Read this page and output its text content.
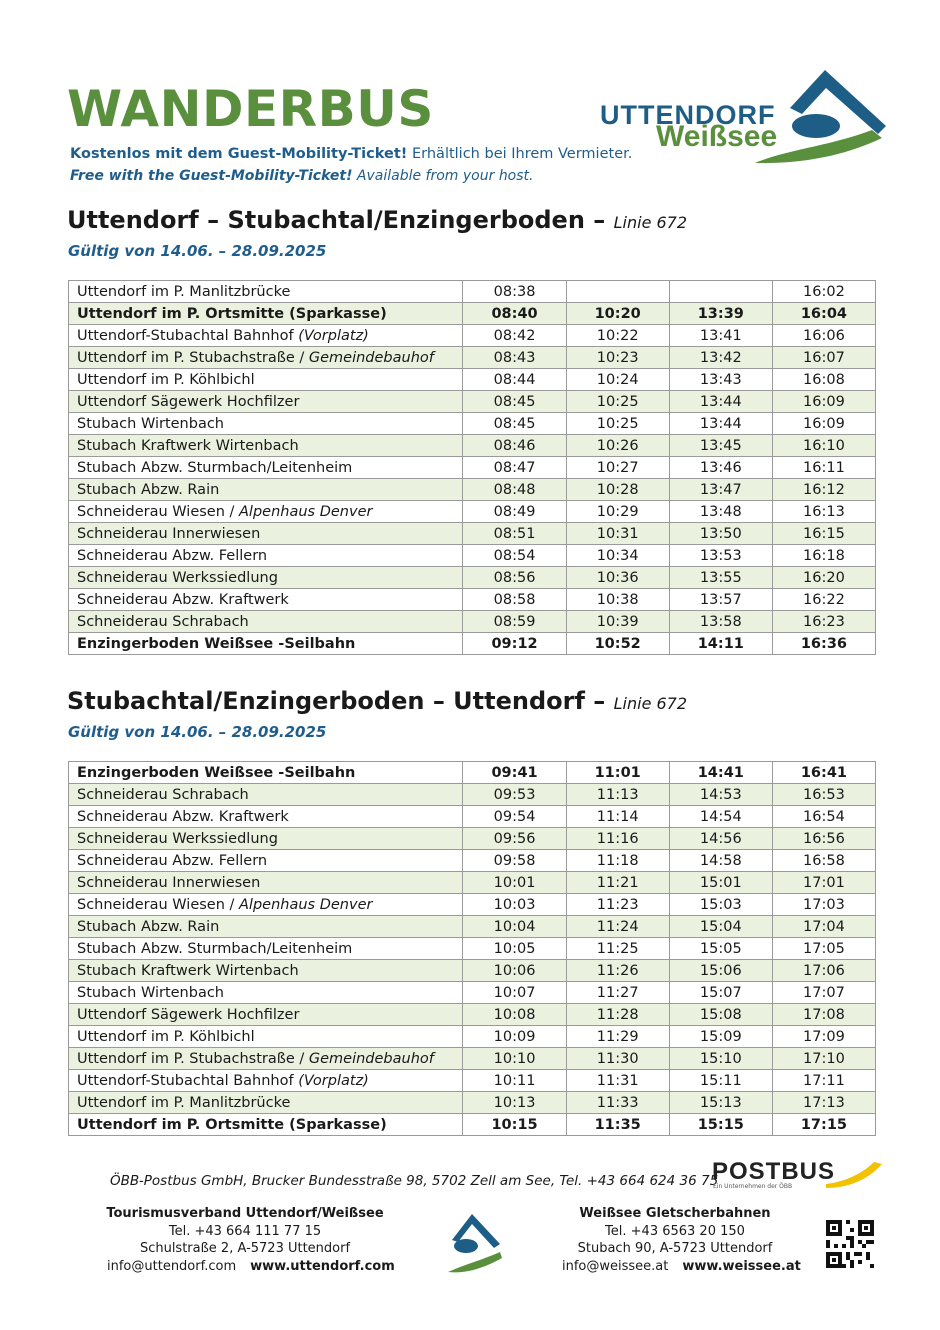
WANDERBUS
Kostenlos mit dem Guest-Mobility-Ticket! Erhältlich bei Ihrem Vermieter.
Free with the Guest-Mobility-Ticket! Available from your host.
UTTENDORF
Weißsee
Uttendorf – Stubachtal/Enzingerboden – Linie 672
Gültig von 14.06. – 28.09.2025
Uttendorf im P. Manlitzbrücke	08:38			16:02
Uttendorf im P. Ortsmitte (Sparkasse)	08:40	10:20	13:39	16:04
Uttendorf-Stubachtal Bahnhof (Vorplatz)	08:42	10:22	13:41	16:06
Uttendorf im P. Stubachstraße / Gemeindebauhof	08:43	10:23	13:42	16:07
Uttendorf im P. Köhlbichl	08:44	10:24	13:43	16:08
Uttendorf Sägewerk Hochfilzer	08:45	10:25	13:44	16:09
Stubach Wirtenbach	08:45	10:25	13:44	16:09
Stubach Kraftwerk Wirtenbach	08:46	10:26	13:45	16:10
Stubach Abzw. Sturmbach/Leitenheim	08:47	10:27	13:46	16:11
Stubach Abzw. Rain	08:48	10:28	13:47	16:12
Schneiderau Wiesen / Alpenhaus Denver	08:49	10:29	13:48	16:13
Schneiderau Innerwiesen	08:51	10:31	13:50	16:15
Schneiderau Abzw. Fellern	08:54	10:34	13:53	16:18
Schneiderau Werkssiedlung	08:56	10:36	13:55	16:20
Schneiderau Abzw. Kraftwerk	08:58	10:38	13:57	16:22
Schneiderau Schrabach	08:59	10:39	13:58	16:23
Enzingerboden Weißsee -Seilbahn	09:12	10:52	14:11	16:36
Stubachtal/Enzingerboden – Uttendorf – Linie 672
Gültig von 14.06. – 28.09.2025
Enzingerboden Weißsee -Seilbahn	09:41	11:01	14:41	16:41
Schneiderau Schrabach	09:53	11:13	14:53	16:53
Schneiderau Abzw. Kraftwerk	09:54	11:14	14:54	16:54
Schneiderau Werkssiedlung	09:56	11:16	14:56	16:56
Schneiderau Abzw. Fellern	09:58	11:18	14:58	16:58
Schneiderau Innerwiesen	10:01	11:21	15:01	17:01
Schneiderau Wiesen / Alpenhaus Denver	10:03	11:23	15:03	17:03
Stubach Abzw. Rain	10:04	11:24	15:04	17:04
Stubach Abzw. Sturmbach/Leitenheim	10:05	11:25	15:05	17:05
Stubach Kraftwerk Wirtenbach	10:06	11:26	15:06	17:06
Stubach Wirtenbach	10:07	11:27	15:07	17:07
Uttendorf Sägewerk Hochfilzer	10:08	11:28	15:08	17:08
Uttendorf im P. Köhlbichl	10:09	11:29	15:09	17:09
Uttendorf im P. Stubachstraße / Gemeindebauhof	10:10	11:30	15:10	17:10
Uttendorf-Stubachtal Bahnhof (Vorplatz)	10:11	11:31	15:11	17:11
Uttendorf im P. Manlitzbrücke	10:13	11:33	15:13	17:13
Uttendorf im P. Ortsmitte (Sparkasse)	10:15	11:35	15:15	17:15
ÖBB-Postbus GmbH, Brucker Bundesstraße 98, 5702 Zell am See, Tel. +43 664 624 36 75
POSTBUS
Ein Unternehmen der ÖBB
Tourismusverband Uttendorf/Weißsee
Tel. +43 664 111 77 15
Schulstraße 2, A-5723 Uttendorf
info@uttendorf.com www.uttendorf.com
Weißsee Gletscherbahnen
Tel. +43 6563 20 150
Stubach 90, A-5723 Uttendorf
info@weissee.at www.weissee.at
